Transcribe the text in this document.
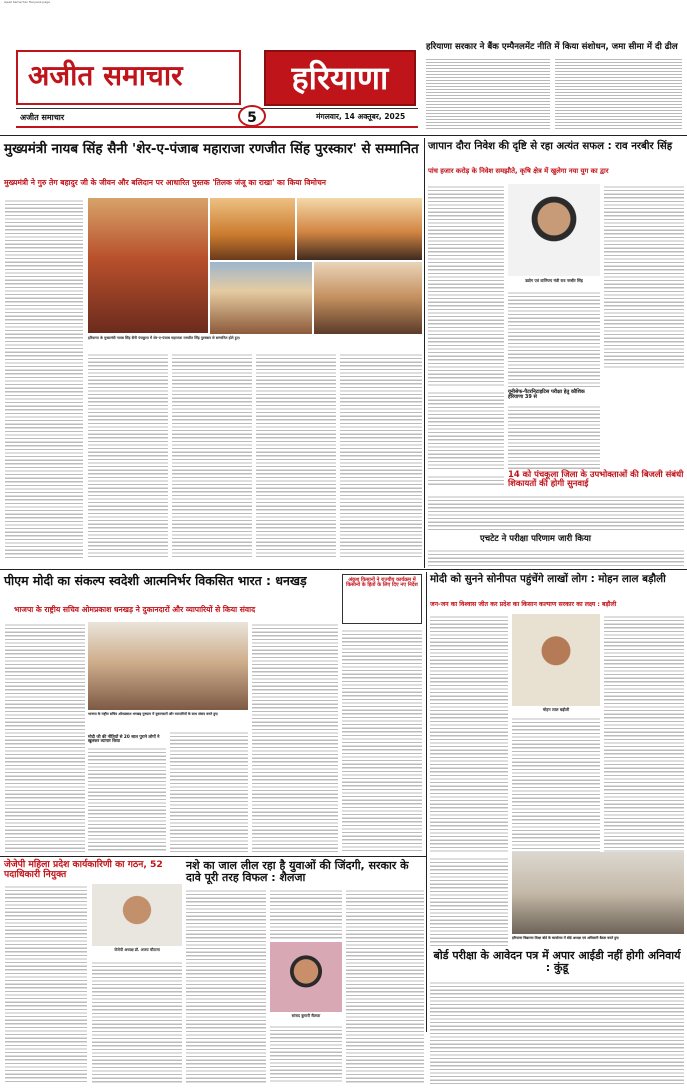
Ajeet Samachar Haryana page
अजीत समाचार
अजीत समाचार	5	मंगलवार, 14 अक्तूबर, 2025
हरियाणा
हरियाणा सरकार ने बैंक एम्पैनलमेंट नीति में किया संशोधन, जमा सीमा में दी ढील
मुख्यमंत्री नायब सिंह सैनी 'शेर-ए-पंजाब महाराजा रणजीत सिंह पुरस्कार' से सम्मानित
मुख्यमंत्री ने गुरु तेग बहादुर जी के जीवन और बलिदान पर आधारित पुस्तक 'तिलक जंजू का राखा' का किया विमोचन
हरियाणा के मुख्यमंत्री नायब सिंह सैनी पंचकूला में शेर-ए-पंजाब महाराजा रणजीत सिंह पुरस्कार से सम्मानित होते हुए।
जापान दौरा निवेश की दृष्टि से रहा अत्यंत सफल : राव नरबीर सिंह
पांच हजार करोड़ के निवेश समझौते, कृषि क्षेत्र में खुलेगा नया युग का द्वार
उद्योग एवं वाणिज्य मंत्री राव नरबीर सिंह
यूनीसेफ-पैटरनिटाइटिस परीक्षा हेतु कौशिक हरियाणा 39 से
14 को पंचकूला जिला के उपभोक्ताओं की बिजली संबंधी शिकायतों की होगी सुनवाई
एचटेट ने परीक्षा परिणाम जारी किया
पीएम मोदी का संकल्प स्वदेशी आत्मनिर्भर विकसित भारत : धनखड़
भाजपा के राष्ट्रीय सचिव ओमप्रकाश धनखड़ ने दुकानदारों और व्यापारियों से किया संवाद
भाजपा के राष्ट्रीय सचिव ओमप्रकाश धनखड़ गुरुग्राम में दुकानदारों और व्यापारियों के साथ संवाद करते हुए।
मोदी जी की नीतियों से 20 साल पुराने लोगों ने खुलकर व्यापार किया
अंकुश किसानों ने राज्यीय कार्यक्रम में किसानों के हितों के लिए दिए नए निर्देश
मोदी को सुनने सोनीपत पहुंचेंगे लाखों लोग : मोहन लाल बड़ौली
जन-जन का विश्वास जीत कर प्रदेश का किसान कल्याण सरकार का लक्ष्य : बड़ौली
मोहन लाल बड़ौली
हरियाणा विद्यालय शिक्षा बोर्ड के कार्यालय में बोर्ड अध्यक्ष एवं अधिकारी बैठक करते हुए।
बोर्ड परीक्षा के आवेदन पत्र में अपार आईडी नहीं होगी अनिवार्य : कुंडू
जेजेपी महिला प्रदेश कार्यकारिणी का गठन, 52 पदाधिकारी नियुक्त
जेजेपी अध्यक्ष डॉ. अजय चौटाला
नशे का जाल लील रहा है युवाओं की जिंदगी, सरकार के दावे पूरी तरह विफल : शैलजा
सांसद कुमारी सैलजा
